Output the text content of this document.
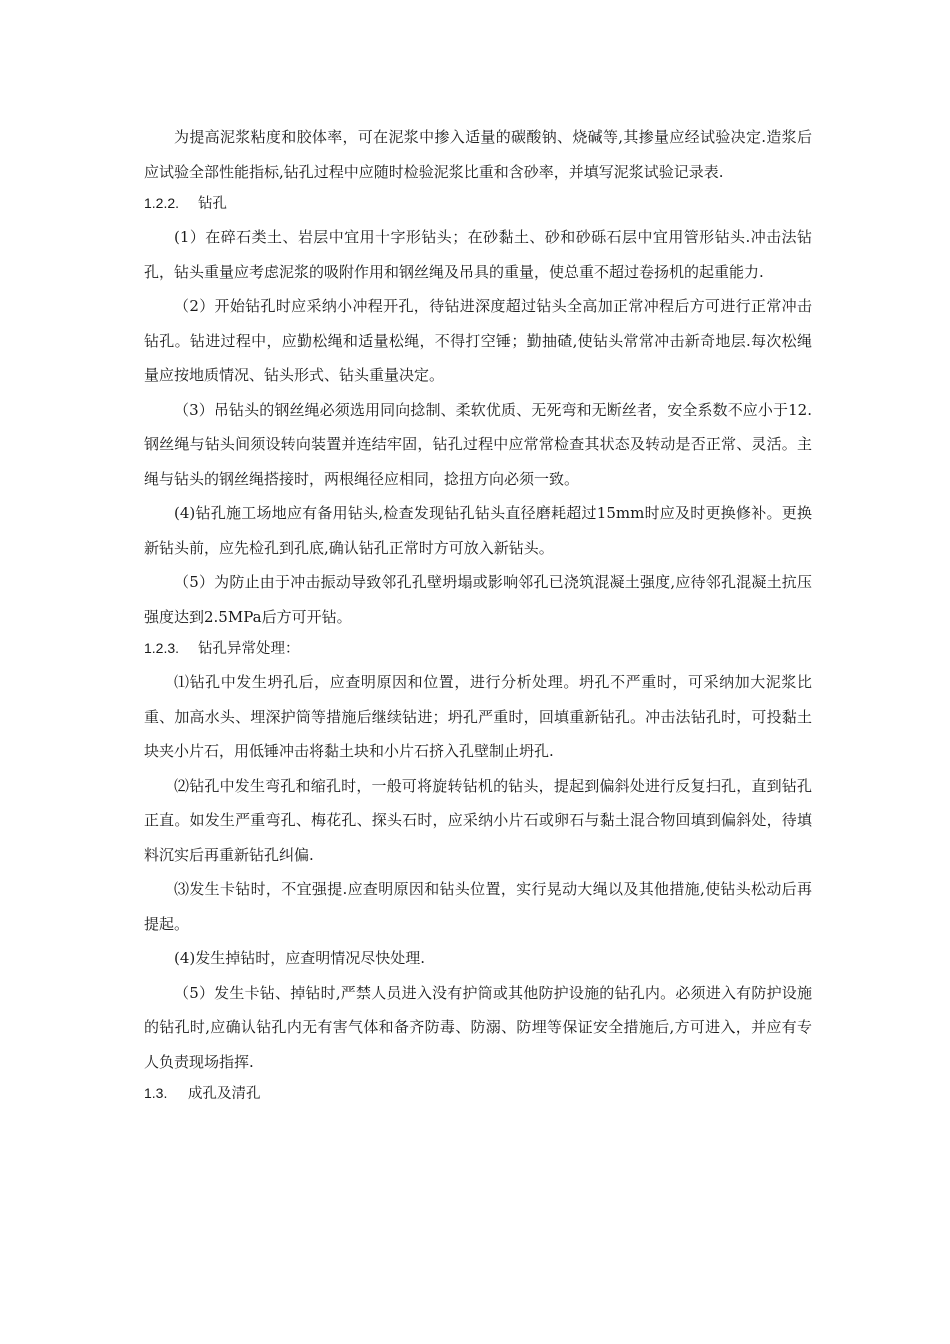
为提高泥浆粘度和胶体率，可在泥浆中掺入适量的碳酸钠、烧碱等,其掺量应经试验决定.造浆后应试验全部性能指标,钻孔过程中应随时检验泥浆比重和含砂率，并填写泥浆试验记录表.

1.2.2.	钻孔

(1）在碎石类土、岩层中宜用十字形钻头；在砂黏土、砂和砂砾石层中宜用管形钻头.冲击法钻孔，钻头重量应考虑泥浆的吸附作用和钢丝绳及吊具的重量，使总重不超过卷扬机的起重能力.

（2）开始钻孔时应采纳小冲程开孔，待钻进深度超过钻头全高加正常冲程后方可进行正常冲击钻孔。钻进过程中，应勤松绳和适量松绳，不得打空锤；勤抽碴,使钻头常常冲击新奇地层.每次松绳量应按地质情况、钻头形式、钻头重量决定。

（3）吊钻头的钢丝绳必须选用同向捻制、柔软优质、无死弯和无断丝者，安全系数不应小于12.钢丝绳与钻头间须设转向装置并连结牢固，钻孔过程中应常常检查其状态及转动是否正常、灵活。主绳与钻头的钢丝绳搭接时，两根绳径应相同，捻扭方向必须一致。

(4)钻孔施工场地应有备用钻头,检查发现钻孔钻头直径磨耗超过15mm时应及时更换修补。更换新钻头前，应先检孔到孔底,确认钻孔正常时方可放入新钻头。

（5）为防止由于冲击振动导致邻孔孔壁坍塌或影响邻孔已浇筑混凝土强度,应待邻孔混凝土抗压强度达到2.5MPa后方可开钻。

1.2.3.	钻孔异常处理：

⑴钻孔中发生坍孔后，应查明原因和位置，进行分析处理。坍孔不严重时，可采纳加大泥浆比重、加高水头、埋深护筒等措施后继续钻进；坍孔严重时，回填重新钻孔。冲击法钻孔时，可投黏土块夹小片石，用低锤冲击将黏土块和小片石挤入孔壁制止坍孔.

⑵钻孔中发生弯孔和缩孔时，一般可将旋转钻机的钻头，提起到偏斜处进行反复扫孔，直到钻孔正直。如发生严重弯孔、梅花孔、探头石时，应采纳小片石或卵石与黏土混合物回填到偏斜处，待填料沉实后再重新钻孔纠偏.

⑶发生卡钻时，不宜强提.应查明原因和钻头位置，实行晃动大绳以及其他措施,使钻头松动后再提起。

(4)发生掉钻时，应查明情况尽快处理.

（5）发生卡钻、掉钻时,严禁人员进入没有护筒或其他防护设施的钻孔内。必须进入有防护设施的钻孔时,应确认钻孔内无有害气体和备齐防毒、防溺、防埋等保证安全措施后,方可进入，并应有专人负责现场指挥.

1.3.	成孔及清孔
